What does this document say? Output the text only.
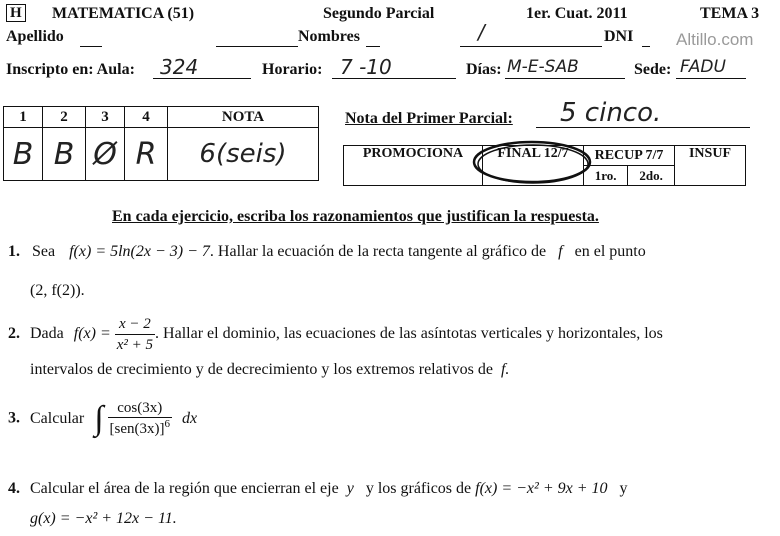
H MATEMATICA (51)	Segundo Parcial	1er. Cuat. 2011	TEMA 3
Apellido	Nombres	/	DNI	Altillo.com
Inscripto en: Aula: 324	Horario: 7 -10	Días: M-E-SAB	Sede: FADU
1	2	3	4	NOTA
B	B	Ø	R	6(seis)
Nota del Primer Parcial: 5 cinco.
PROMOCIONA	FINAL 12/7	RECUP 7/7		INSUF
		1ro.	2do.	
En cada ejercicio, escriba los razonamientos que justifican la respuesta.
1. Sea f(x) = 5ln(2x − 3) − 7. Hallar la ecuación de la recta tangente al gráfico de f en el punto
(2, f(2)).
2. Dada $f(x) = \frac{x - 2}{\text{x² + 5}}$ . Hallar el dominio, las ecuaciones de las asíntotas verticales y horizontales, los
intervalos de crecimiento y de decrecimiento y los extremos relativos de f.
3. Calcular ∫ $\frac{\cos(3x)}{[sen(3x)]^6}$ dx
4. Calcular el área de la región que encierran el eje y y los gráficos de f(x) = −x² + 9x + 10 y
g(x) = −x² + 12x − 11.
